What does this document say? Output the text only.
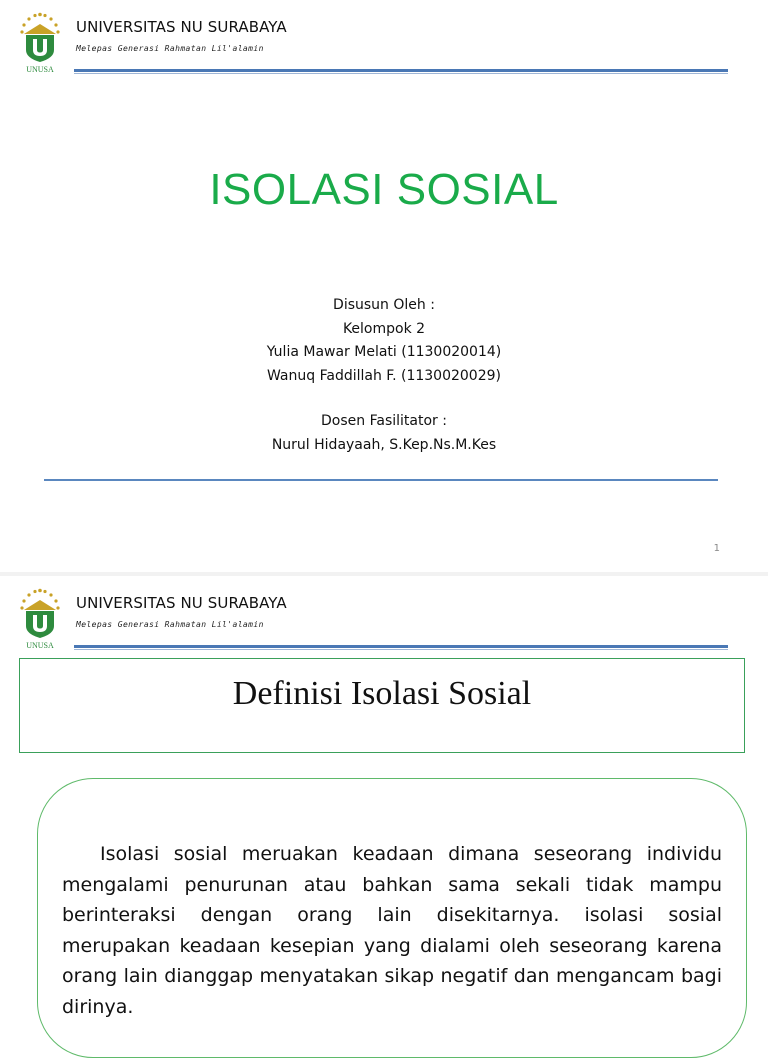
UNUSA
UNIVERSITAS NU SURABAYA
Melepas Generasi Rahmatan Lil'alamin
ISOLASI SOSIAL
Disusun Oleh :
Kelompok 2
Yulia Mawar Melati (1130020014)
Wanuq Faddillah F. (1130020029)
Dosen Fasilitator :
Nurul Hidayaah, S.Kep.Ns.M.Kes
1
UNUSA
UNIVERSITAS NU SURABAYA
Melepas Generasi Rahmatan Lil'alamin
Definisi Isolasi Sosial

Isolasi sosial meruakan keadaan dimana seseorang individu mengalami penurunan atau bahkan sama sekali tidak mampu berinteraksi dengan orang lain disekitarnya. isolasi sosial merupakan keadaan kesepian yang dialami oleh seseorang karena orang lain dianggap menyatakan sikap negatif dan mengancam bagi dirinya.
